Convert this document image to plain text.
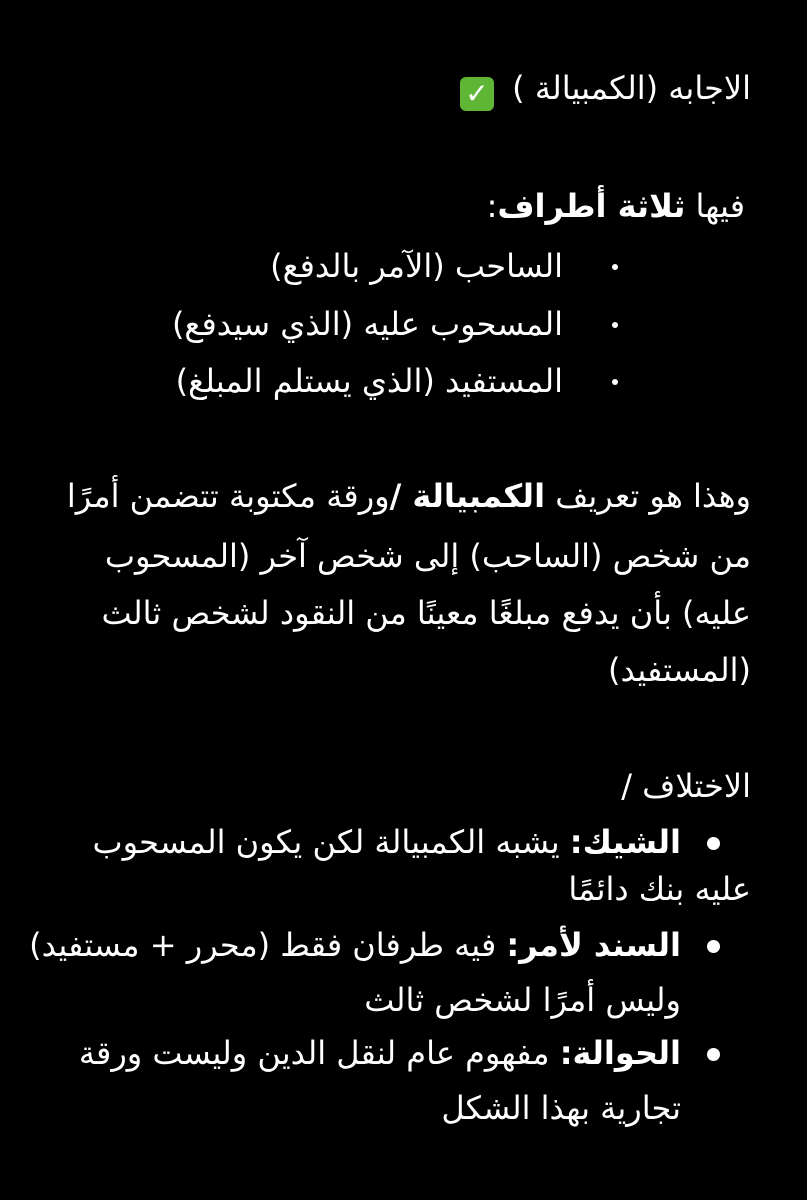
الاجابه (الكمبيالة ) ✓
فيها ثلاثة أطراف:
الساحب (الآمر بالدفع)
المسحوب عليه (الذي سيدفع)
المستفيد (الذي يستلم المبلغ)
وهذا هو تعريف الكمبيالة /ورقة مكتوبة تتضمن أمرًا
من شخص (الساحب) إلى شخص آخر (المسحوب
عليه) بأن يدفع مبلغًا معينًا من النقود لشخص ثالث
(المستفيد)
الاختلاف /
الشيك: يشبه الكمبيالة لكن يكون المسحوب
عليه بنك دائمًا
السند لأمر: فيه طرفان فقط (محرر + مستفيد)
وليس أمرًا لشخص ثالث
الحوالة: مفهوم عام لنقل الدين وليست ورقة
تجارية بهذا الشكل
